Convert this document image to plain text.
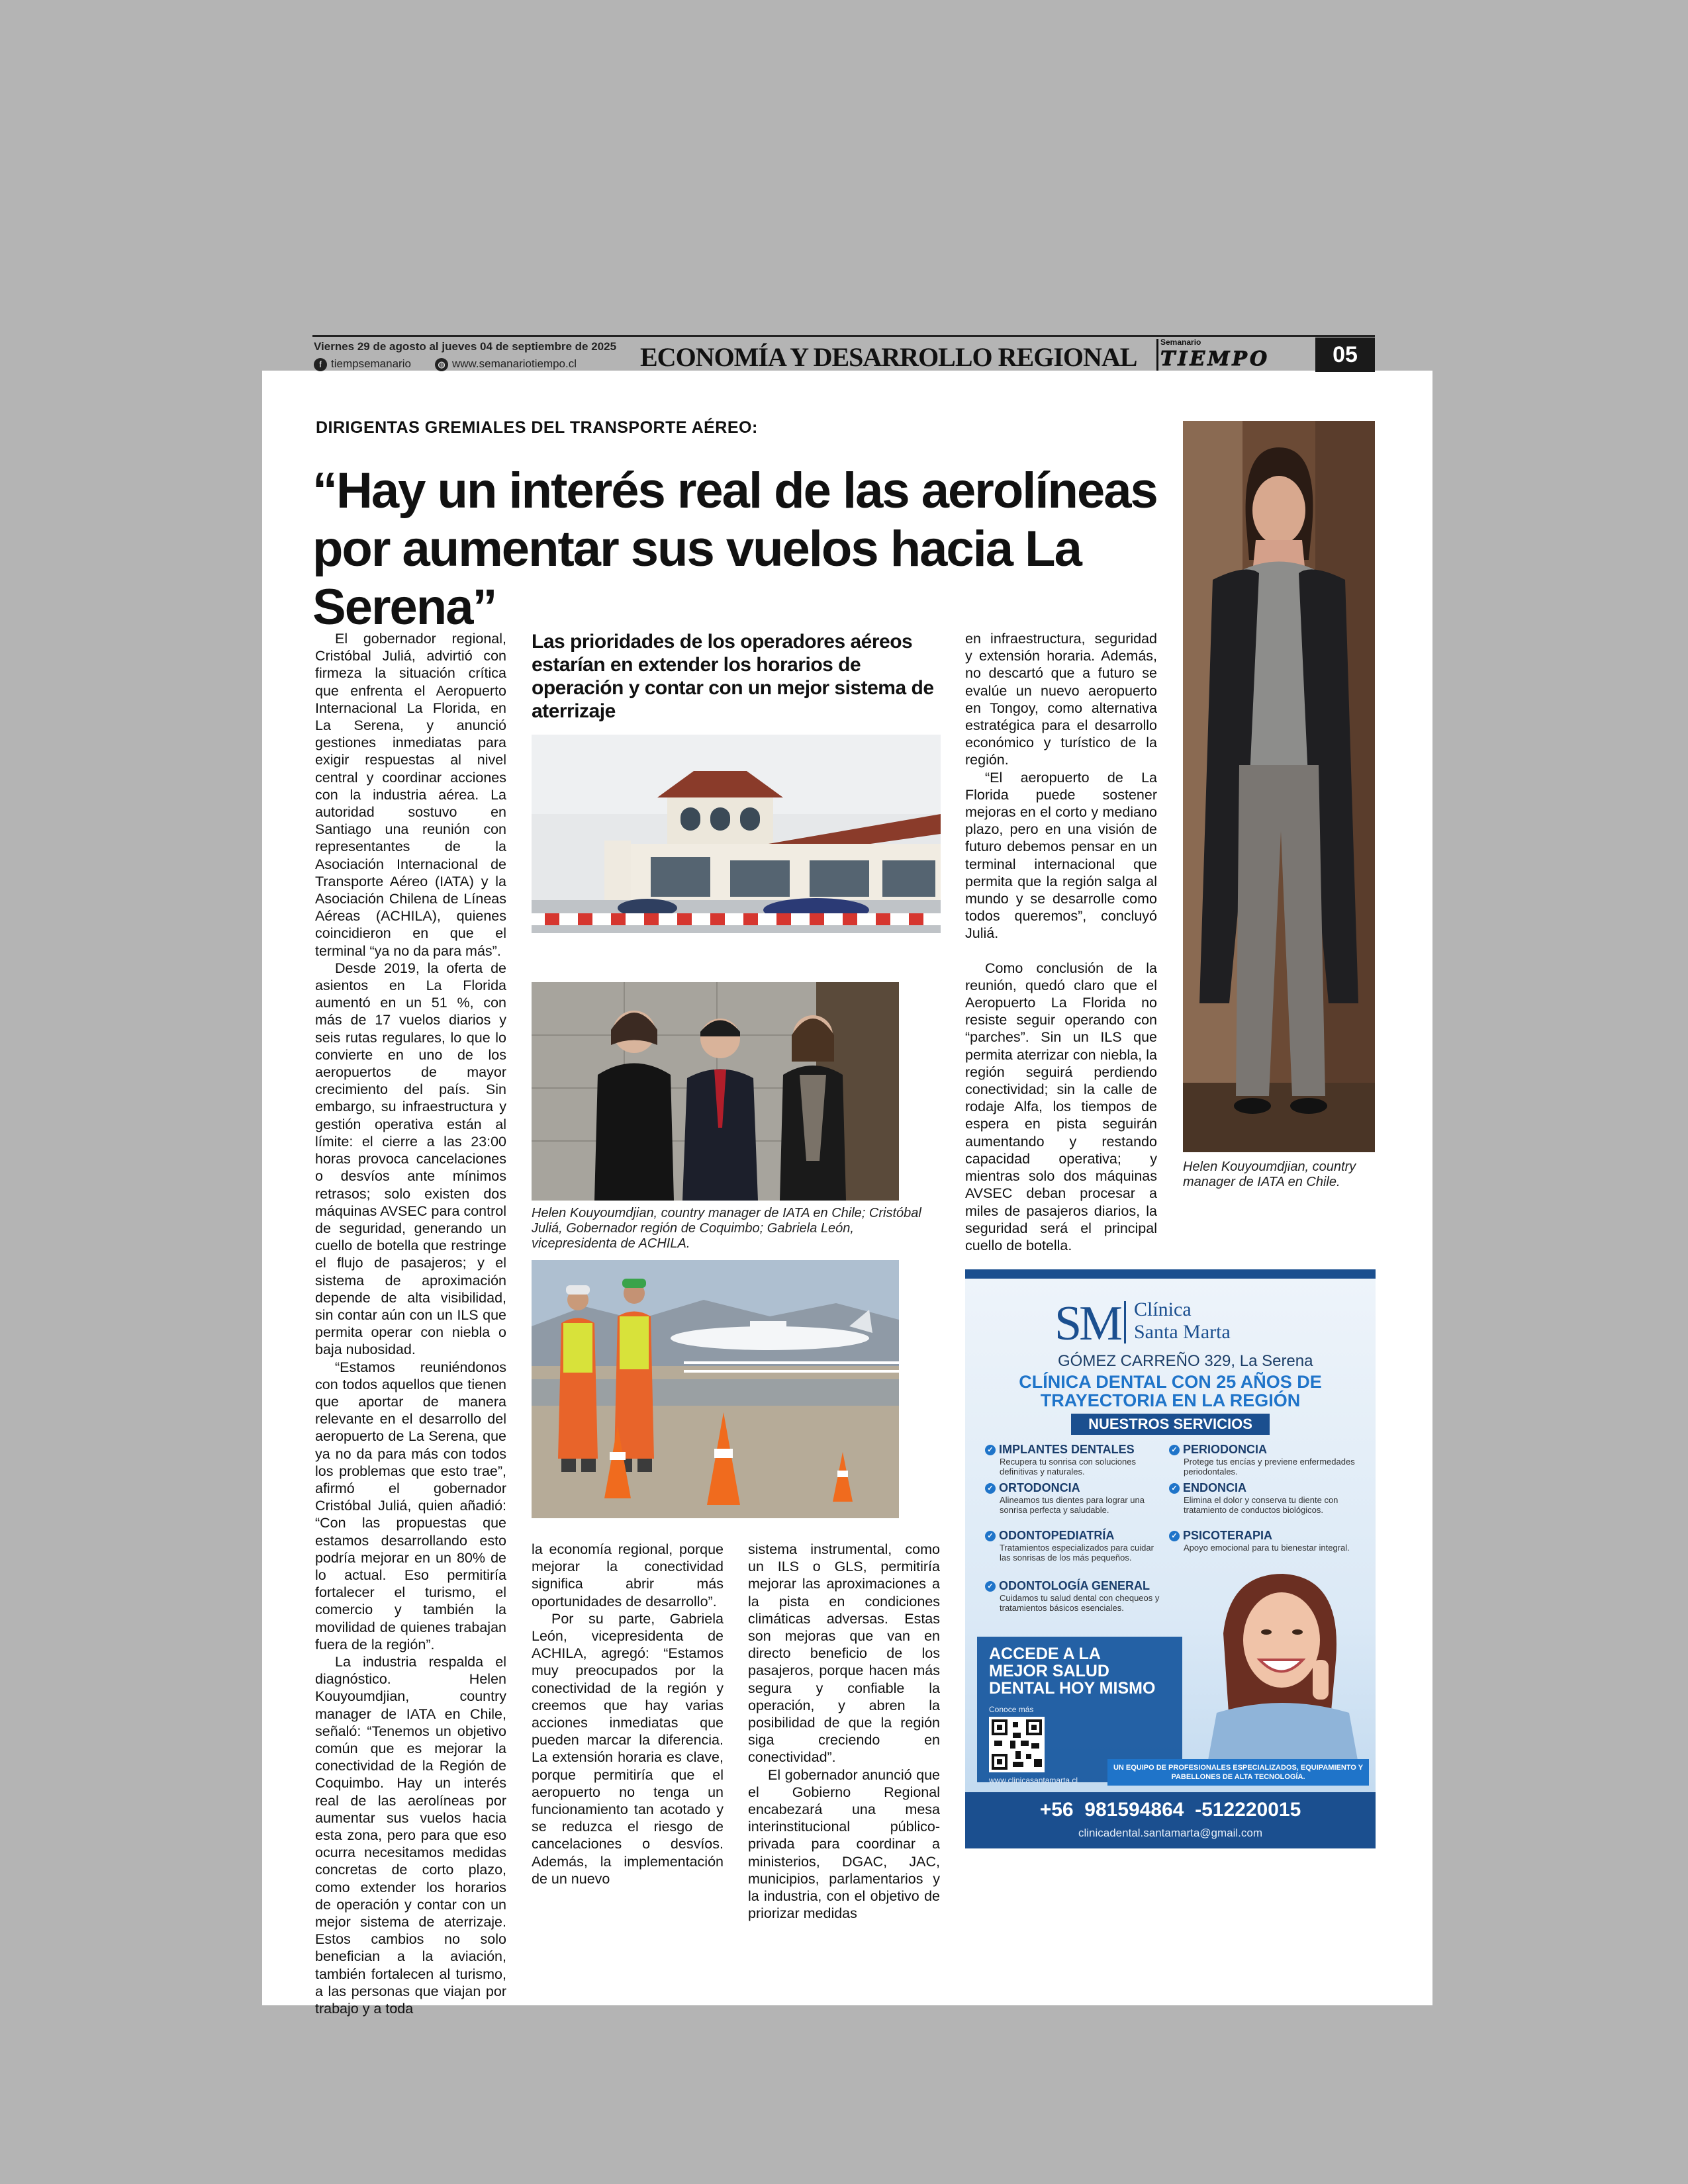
Viernes 29 de agosto al jueves 04 de septiembre de 2025
f tiempsemanario	◍ www.semanariotiempo.cl ECONOMÍA Y DESARROLLO REGIONAL	Semanario
TIEMPO	05
DIRIGENTAS GREMIALES DEL TRANSPORTE AÉREO:
“Hay un interés real de las aerolíneas por aumentar sus vuelos hacia La Serena”

El gobernador regional, Cristóbal Juliá, advirtió con firmeza la situación crítica que enfrenta el Aeropuerto Internacional La Florida, en La Serena, y anunció gestiones inmediatas para exigir respuestas al nivel central y coordinar acciones con la industria aérea. La autoridad sostuvo en Santiago una reunión con representantes de la Asociación Internacional de Transporte Aéreo (IATA) y la Asociación Chilena de Líneas Aéreas (ACHILA), quienes coincidieron en que el terminal “ya no da para más”.

Desde 2019, la oferta de asientos en La Florida aumentó en un 51 %, con más de 17 vuelos diarios y seis rutas regulares, lo que lo convierte en uno de los aeropuertos de mayor crecimiento del país. Sin embargo, su infraestructura y gestión operativa están al límite: el cierre a las 23:00 horas provoca cancelaciones o desvíos ante mínimos retrasos; solo existen dos máquinas AVSEC para control de seguridad, generando un cuello de botella que restringe el flujo de pasajeros; y el sistema de aproximación depende de alta visibilidad, sin contar aún con un ILS que permita operar con niebla o baja nubosidad.

“Estamos reuniéndonos con todos aquellos que tienen que aportar de manera relevante en el desarrollo del aeropuerto de La Serena, que ya no da para más con todos los problemas que esto trae”, afirmó el gobernador Cristóbal Juliá, quien añadió: “Con las propuestas que estamos desarrollando esto podría mejorar en un 80% de lo actual. Eso permitiría fortalecer el turismo, el comercio y también la movilidad de quienes trabajan fuera de la región”.

La industria respalda el diagnóstico. Helen Kouyoumdjian, country manager de IATA en Chile, señaló: “Tenemos un objetivo común que es mejorar la conectividad de la Región de Coquimbo. Hay un interés real de las aerolíneas por aumentar sus vuelos hacia esta zona, pero para que eso ocurra necesitamos medidas concretas de corto plazo, como extender los horarios de operación y contar con un mejor sistema de aterrizaje. Estos cambios no solo benefician a la aviación, también fortalecen al turismo, a las personas que viajan por trabajo y a toda

Las prioridades de los operadores aéreos estarían en extender los horarios de operación y contar con un mejor sistema de aterrizaje
Helen Kouyoumdjian, country manager de IATA en Chile; Cristóbal Juliá, Gobernador región de Coquimbo; Gabriela León, vicepresidenta de ACHILA.

la economía regional, porque mejorar la conectividad significa abrir más oportunidades de desarrollo”.

Por su parte, Gabriela León, vicepresidenta de ACHILA, agregó: “Estamos muy preocupados por la conectividad de la región y creemos que hay varias acciones inmediatas que pueden marcar la diferencia. La extensión horaria es clave, porque permitiría que el aeropuerto no tenga un funcionamiento tan acotado y se reduzca el riesgo de cancelaciones o desvíos. Además, la implementación de un nuevo

sistema instrumental, como un ILS o GLS, permitiría mejorar las aproximaciones a la pista en condiciones climáticas adversas. Estas son mejoras que van en directo beneficio de los pasajeros, porque hacen más segura y confiable la operación, y abren la posibilidad de que la región siga creciendo en conectividad”.

El gobernador anunció que el Gobierno Regional encabezará una mesa interinstitucional público-privada para coordinar a ministerios, DGAC, JAC, municipios, parlamentarios y la industria, con el objetivo de priorizar medidas

en infraestructura, seguridad y extensión horaria. Además, no descartó que a futuro se evalúe un nuevo aeropuerto en Tongoy, como alternativa estratégica para el desarrollo económico y turístico de la región.

“El aeropuerto de La Florida puede sostener mejoras en el corto y mediano plazo, pero en una visión de futuro debemos pensar en un terminal internacional que permita que la región salga al mundo y se desarrolle como todos queremos”, concluyó Juliá.

Como conclusión de la reunión, quedó claro que el Aeropuerto La Florida no resiste seguir operando con “parches”. Sin un ILS que permita aterrizar con niebla, la región seguirá perdiendo conectividad; sin la calle de rodaje Alfa, los tiempos de espera en pista seguirán aumentando y restando capacidad operativa; y mientras solo dos máquinas AVSEC deban procesar a miles de pasajeros diarios, la seguridad será el principal cuello de botella.

Helen Kouyoumdjian, country manager de IATA en Chile.
SM Clínica
Santa Marta
GÓMEZ CARREÑO 329, La Serena
CLÍNICA DENTAL CON 25 AÑOS DE TRAYECTORIA EN LA REGIÓN
NUESTROS SERVICIOS
✓ IMPLANTES DENTALES
Recupera tu sonrisa con soluciones definitivas y naturales.
✓ PERIODONCIA
Protege tus encías y previene enfermedades periodontales.
✓ ORTODONCIA
Alineamos tus dientes para lograr una sonrisa perfecta y saludable.
✓ ENDONCIA
Elimina el dolor y conserva tu diente con tratamiento de conductos biológicos.
✓ ODONTOPEDIATRÍA
Tratamientos especializados para cuidar las sonrisas de los más pequeños.
✓ PSICOTERAPIA
Apoyo emocional para tu bienestar integral.
✓ ODONTOLOGÍA GENERAL
Cuidamos tu salud dental con chequeos y tratamientos básicos esenciales.
ACCEDE A LA MEJOR SALUD DENTAL HOY MISMO
Conoce más
www.clinicasantamarta.cl
UN EQUIPO DE PROFESIONALES ESPECIALIZADOS, EQUIPAMIENTO Y PABELLONES DE ALTA TECNOLOGÍA.
+56  981594864  -512220015
clinicadental.santamarta@gmail.com
